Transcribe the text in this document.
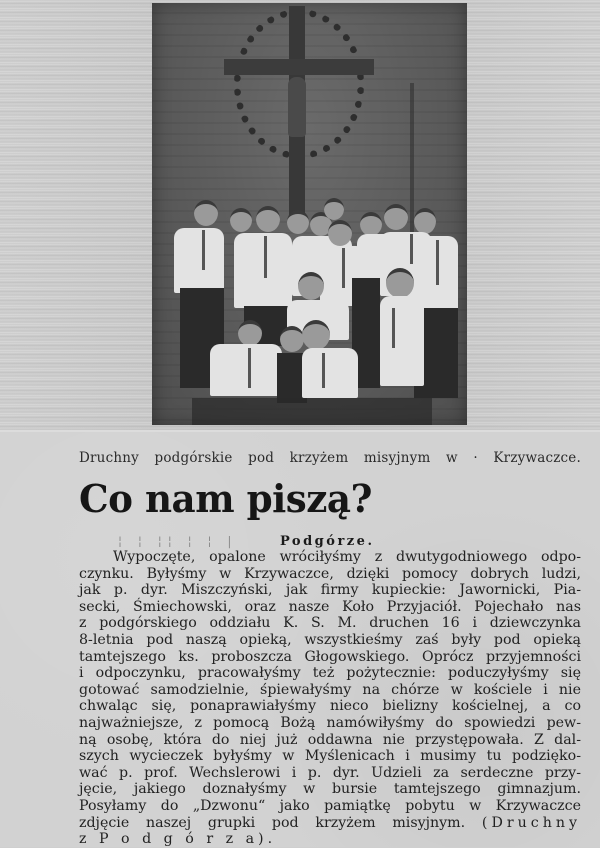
Druchny podgórskie pod krzyżem misyjnym w · Krzywaczce.
Co nam piszą?
¦ ¦ ¦¦ ¦ ¦ |	Podgórze.
Wypoczęte, opalone wróciłyśmy z dwutygodniowego odpo-
czynku. Byłyśmy w Krzywaczce, dzięki pomocy dobrych ludzi,
jak p. dyr. Miszczyński, jak firmy kupieckie: Jawornicki, Pia-
secki, Śmiechowski, oraz nasze Koło Przyjaciół. Pojechało nas
z podgórskiego oddziału K. S. M. druchen 16 i dziewczynka
8-letnia pod naszą opieką, wszystkieśmy zaś były pod opieką
tamtejszego ks. proboszcza Głogowskiego. Oprócz przyjemności
i odpoczynku, pracowałyśmy też pożytecznie: poduczyłyśmy się
gotować samodzielnie, śpiewałyśmy na chórze w kościele i nie
chwaląc się, ponaprawiałyśmy nieco bielizny kościelnej, a co
najważniejsze, z pomocą Bożą namówiłyśmy do spowiedzi pew-
ną osobę, która do niej już oddawna nie przystępowała. Z dal-
szych wycieczek byłyśmy w Myślenicach i musimy tu podzięko-
wać p. prof. Wechslerowi i p. dyr. Udzieli za serdeczne przy-
jęcie, jakiego doznałyśmy w bursie tamtejszego gimnazjum.
Posyłamy do „Dzwonu“ jako pamiątkę pobytu w Krzywaczce
zdjęcie naszej grupki pod krzyżem misyjnym. (Druchny
z P o d g ó r z a).
